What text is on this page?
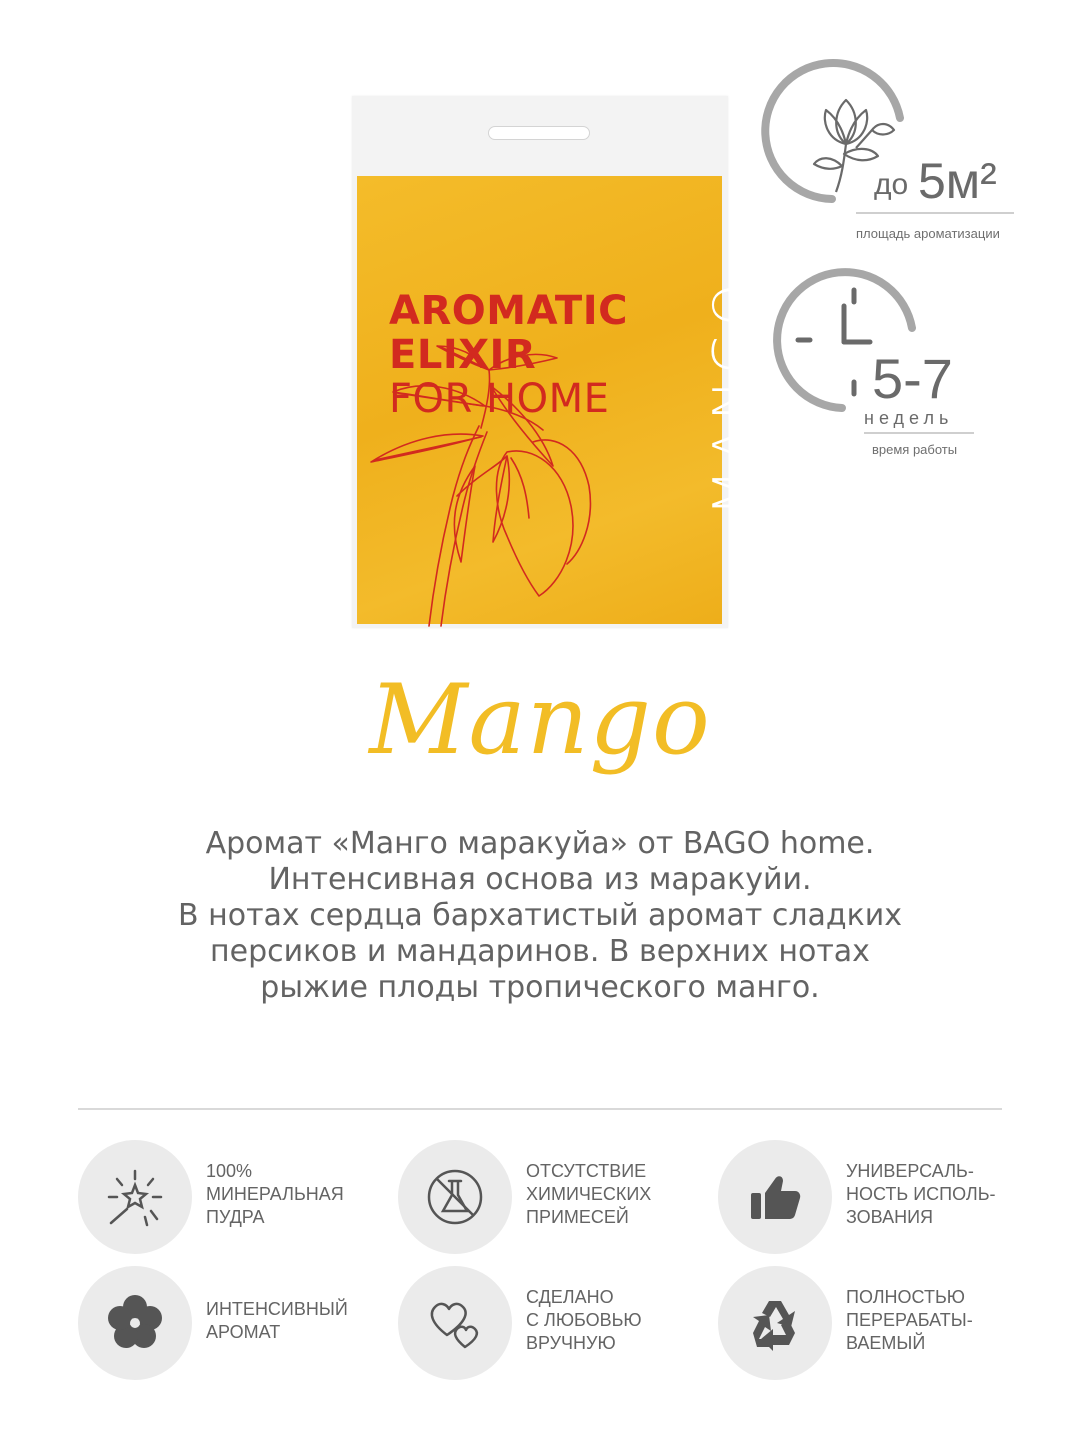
AROMATIC

ELIXIR

FOR HOME MANGO

до 5м²
площадь ароматизации
5-7
недель
время работы
Mango

Аромат «Манго маракуйа» от BAGO home.

Интенсивная основа из маракуйи.

В нотах сердца бархатистый аромат сладких

персиков и мандаринов. В верхних нотах

рыжие плоды тропического манго.

100%
МИНЕРАЛЬНАЯ
ПУДРА
ОТСУТСТВИЕ
ХИМИЧЕСКИХ
ПРИМЕСЕЙ
УНИВЕРСАЛЬ-
НОСТЬ ИСПОЛЬ-
ЗОВАНИЯ
ИНТЕНСИВНЫЙ
АРОМАТ
СДЕЛАНО
С ЛЮБОВЬЮ
ВРУЧНУЮ
ПОЛНОСТЬЮ
ПЕРЕРАБАТЫ-
ВАЕМЫЙ
